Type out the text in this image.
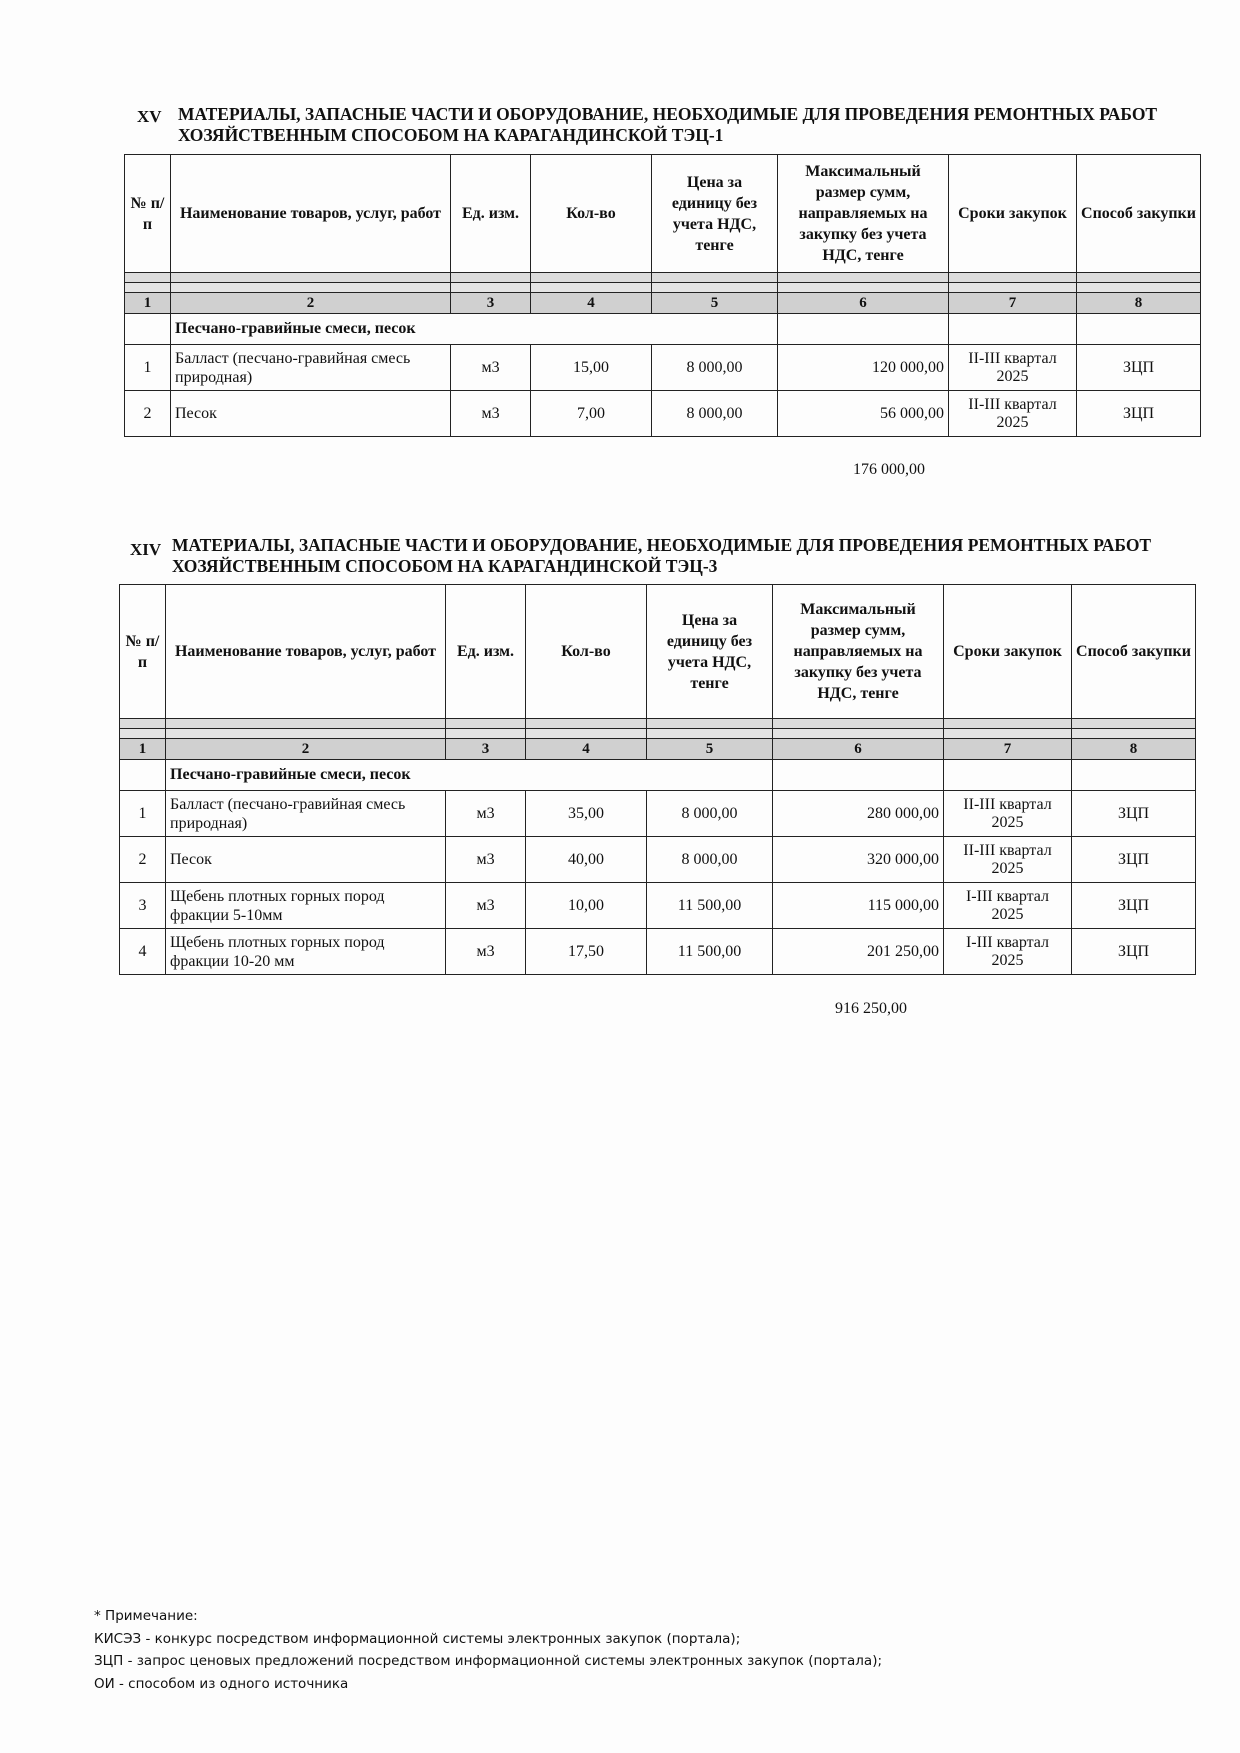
XV МАТЕРИАЛЫ, ЗАПАСНЫЕ ЧАСТИ И ОБОРУДОВАНИЕ, НЕОБХОДИМЫЕ ДЛЯ ПРОВЕДЕНИЯ РЕМОНТНЫХ РАБОТ ХОЗЯЙСТВЕННЫМ СПОСОБОМ НА КАРАГАНДИНСКОЙ ТЭЦ-1
№ п/п	Наименование товаров, услуг, работ	Ед. изм.	Кол-во	Цена за единицу без учета НДС, тенге	Максимальный размер сумм, направляемых на закупку без учета НДС, тенге	Сроки закупок	Способ закупки

1	2	3	4	5	6	7	8
	Песчано-гравийные смеси, песок						
1	Балласт (песчано-гравийная смесь природная)	м3	15,00	8 000,00	120 000,00	II-III квартал 2025	ЗЦП
2	Песок	м3	7,00	8 000,00	56 000,00	II-III квартал 2025	ЗЦП
176 000,00
XIV МАТЕРИАЛЫ, ЗАПАСНЫЕ ЧАСТИ И ОБОРУДОВАНИЕ, НЕОБХОДИМЫЕ ДЛЯ ПРОВЕДЕНИЯ РЕМОНТНЫХ РАБОТ ХОЗЯЙСТВЕННЫМ СПОСОБОМ НА КАРАГАНДИНСКОЙ ТЭЦ-3
№ п/п	Наименование товаров, услуг, работ	Ед. изм.	Кол-во	Цена за единицу без учета НДС, тенге	Максимальный размер сумм, направляемых на закупку без учета НДС, тенге	Сроки закупок	Способ закупки

1	2	3	4	5	6	7	8
	Песчано-гравийные смеси, песок						
1	Балласт (песчано-гравийная смесь природная)	м3	35,00	8 000,00	280 000,00	II-III квартал 2025	ЗЦП
2	Песок	м3	40,00	8 000,00	320 000,00	II-III квартал 2025	ЗЦП
3	Щебень плотных горных пород фракции 5-10мм	м3	10,00	11 500,00	115 000,00	I-III квартал 2025	ЗЦП
4	Щебень плотных горных пород фракции 10-20 мм	м3	17,50	11 500,00	201 250,00	I-III квартал 2025	ЗЦП
916 250,00
* Примечание:
КИСЭЗ - конкурс посредством информационной системы электронных закупок (портала);
ЗЦП - запрос ценовых предложений посредством информационной системы электронных закупок (портала);
ОИ - способом из одного источника
